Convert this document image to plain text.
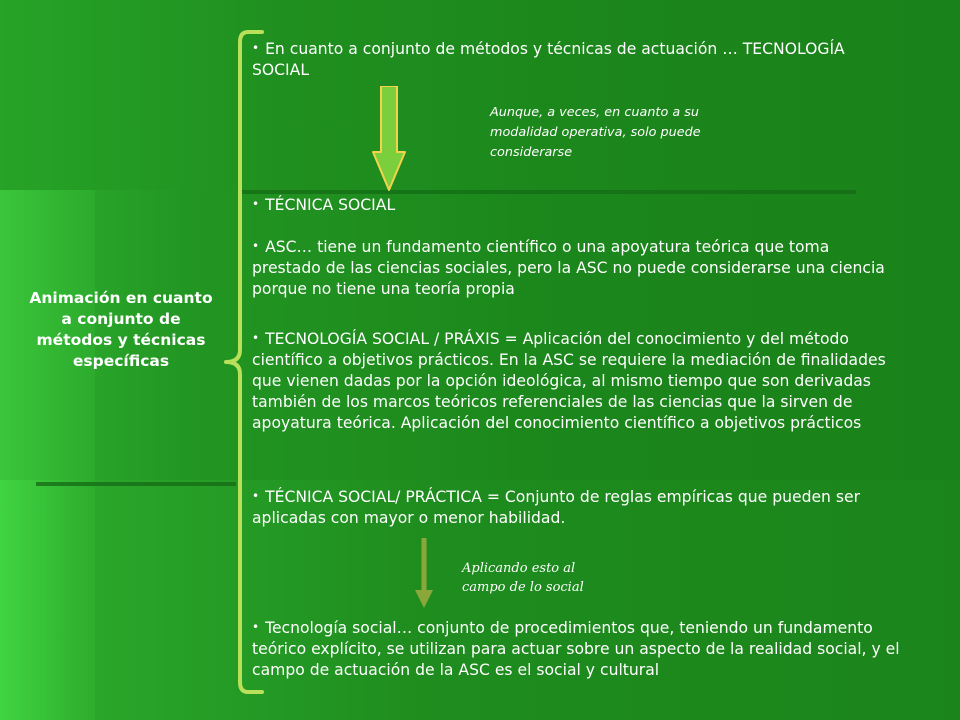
Animación en cuanto a conjunto de métodos y técnicas específicas
• En cuanto a conjunto de métodos y técnicas de actuación … TECNOLOGÍA SOCIAL
Aunque, a veces, en cuanto a su modalidad operativa, solo puede considerarse
• TÉCNICA SOCIAL
• ASC… tiene un fundamento científico o una apoyatura teórica que toma prestado de las ciencias sociales, pero la ASC no puede considerarse una ciencia porque no tiene una teoría propia
• TECNOLOGÍA SOCIAL / PRÁXIS = Aplicación del conocimiento y del método científico a objetivos prácticos. En la ASC se requiere la mediación de finalidades que vienen dadas por la opción ideológica, al mismo tiempo que son derivadas también de los marcos teóricos referenciales de las ciencias que la sirven de apoyatura teórica. Aplicación del conocimiento científico a objetivos prácticos
• TÉCNICA SOCIAL/ PRÁCTICA = Conjunto de reglas empíricas que pueden ser aplicadas con mayor o menor habilidad.
Aplicando esto al campo de lo social
• Tecnología social… conjunto de procedimientos que, teniendo un fundamento teórico explícito, se utilizan para actuar sobre un aspecto de la realidad social, y el campo de actuación de la ASC es el social y cultural
